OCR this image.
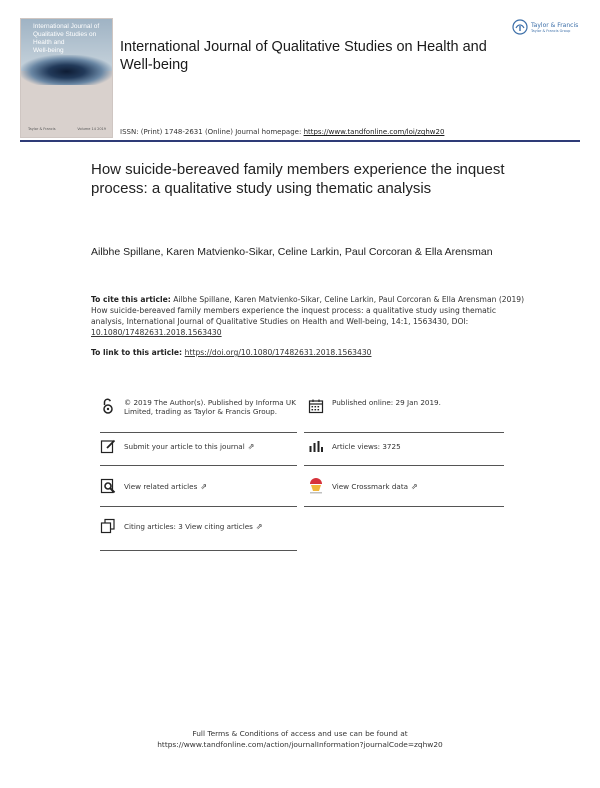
International Journal of
Qualitative Studies on
Health and
Well-being
Taylor & Francis	Volume 14 2019
International Journal of Qualitative Studies on Health and Well-being
Taylor & Francis
Taylor & Francis Group
ISSN: (Print) 1748-2631 (Online) Journal homepage: https://www.tandfonline.com/loi/zqhw20
How suicide-bereaved family members experience the inquest process: a qualitative study using thematic analysis
Ailbhe Spillane, Karen Matvienko-Sikar, Celine Larkin, Paul Corcoran & Ella Arensman
To cite this article: Ailbhe Spillane, Karen Matvienko-Sikar, Celine Larkin, Paul Corcoran & Ella Arensman (2019) How suicide-bereaved family members experience the inquest process: a qualitative study using thematic analysis, International Journal of Qualitative Studies on Health and Well-being, 14:1, 1563430, DOI: 10.1080/17482631.2018.1563430
To link to this article: https://doi.org/10.1080/17482631.2018.1563430
© 2019 The Author(s). Published by Informa UK Limited, trading as Taylor & Francis Group.
Published online: 29 Jan 2019.
Submit your article to this journal ⇗	Article views: 3725
View related articles ⇗	View Crossmark data ⇗
Citing articles: 3 View citing articles ⇗
Full Terms & Conditions of access and use can be found at
https://www.tandfonline.com/action/journalInformation?journalCode=zqhw20
